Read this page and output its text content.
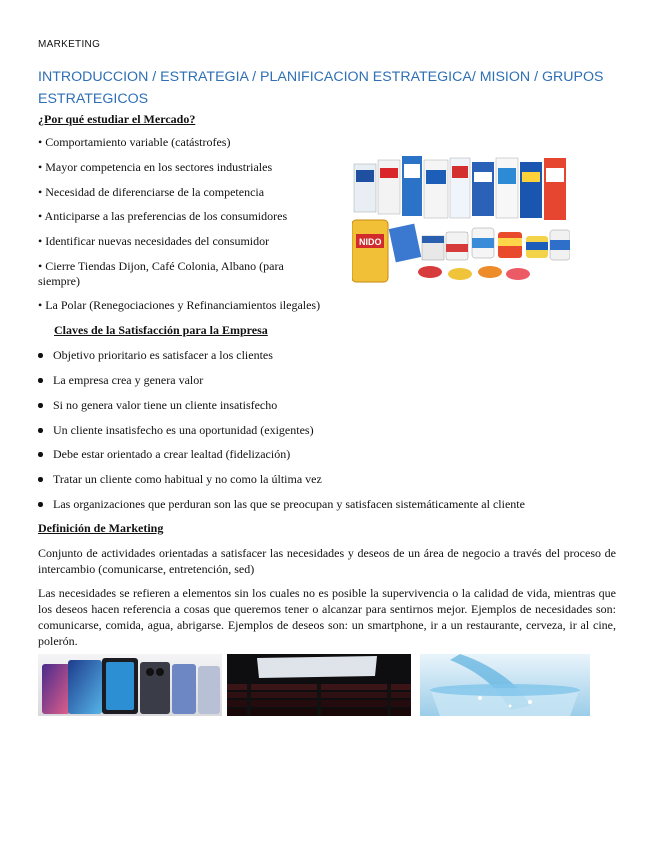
MARKETING
INTRODUCCION / ESTRATEGIA / PLANIFICACION ESTRATEGICA/ MISION / GRUPOS ESTRATEGICOS
¿Por qué estudiar el Mercado?
• Comportamiento variable (catástrofes)
• Mayor competencia en los sectores industriales
• Necesidad de diferenciarse de la competencia
• Anticiparse a las preferencias de los consumidores
• Identificar nuevas necesidades del consumidor
• Cierre Tiendas Dijon, Café Colonia, Albano (para siempre)
• La Polar (Renegociaciones y Refinanciamientos ilegales)
NIDO
Claves de la Satisfacción para la Empresa
Objetivo prioritario es satisfacer a los clientes
La empresa crea y genera valor
Si no genera valor tiene un cliente insatisfecho
Un cliente insatisfecho es una oportunidad (exigentes)
Debe estar orientado a crear lealtad (fidelización)
Tratar un cliente como habitual y no como la última vez
Las organizaciones que perduran son las que se preocupan y satisfacen sistemáticamente al cliente
Definición de Marketing
Conjunto de actividades orientadas a satisfacer las necesidades y deseos de un área de negocio a través del proceso de intercambio (comunicarse, entretención, sed)
Las necesidades se refieren a elementos sin los cuales no es posible la supervivencia o la calidad de vida, mientras que los deseos hacen referencia a cosas que queremos tener o alcanzar para sentirnos mejor. Ejemplos de necesidades son: comunicarse, comida, agua, abrigarse. Ejemplos de deseos son: un smartphone, ir a un restaurante, cerveza, ir al cine, polerón.
